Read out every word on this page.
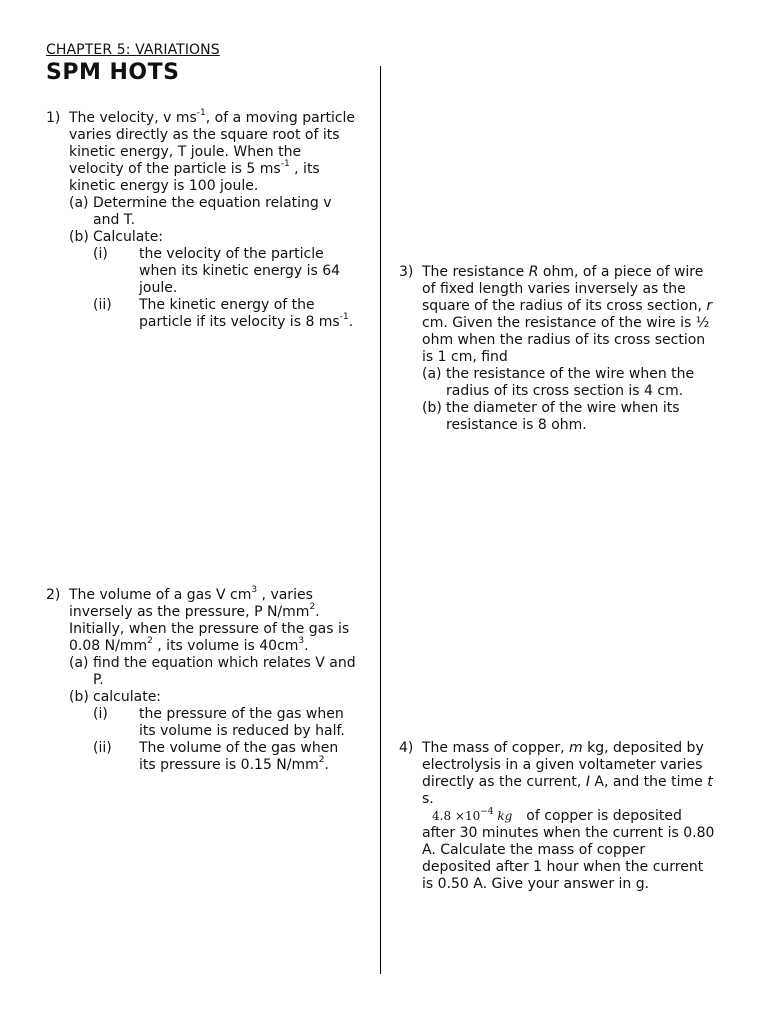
CHAPTER 5: VARIATIONS
SPM HOTS
1) The velocity, v $ms^{-1}$, of a moving particle varies directly as the square root of its kinetic energy, T joule. When the velocity of the particle is 5 $ms^{-1}$ , its kinetic energy is 100 joule.
(a) Determine the equation relating v and T.
(b) Calculate:
(i) the velocity of the particle when its kinetic energy is 64 joule.
(ii) The kinetic energy of the particle if its velocity is 8 $ms^{-1}$.
2) The volume of a gas V $cm^3$ , varies inversely as the pressure, P $N/mm^2$. Initially, when the pressure of the gas is 0.08 $N/mm^2$ , its volume is $40cm^3$.
(a) find the equation which relates V and P.
(b) calculate:
(i) the pressure of the gas when its volume is reduced by half.
(ii) The volume of the gas when its pressure is 0.15 $N/mm^2$.
3) The resistance R ohm, of a piece of wire of fixed length varies inversely as the square of the radius of its cross section, r cm. Given the resistance of the wire is ½ ohm when the radius of its cross section is 1 cm, find
(a) the resistance of the wire when the radius of its cross section is 4 cm.
(b) the diameter of the wire when its resistance is 8 ohm.
4) The mass of copper, m kg, deposited by electrolysis in a given voltameter varies directly as the current, I A, and the time t s.
$4.8 \times 10^{-4}$ kg of copper is deposited after 30 minutes when the current is 0.80 A. Calculate the mass of copper deposited after 1 hour when the current is 0.50 A. Give your answer in g.
